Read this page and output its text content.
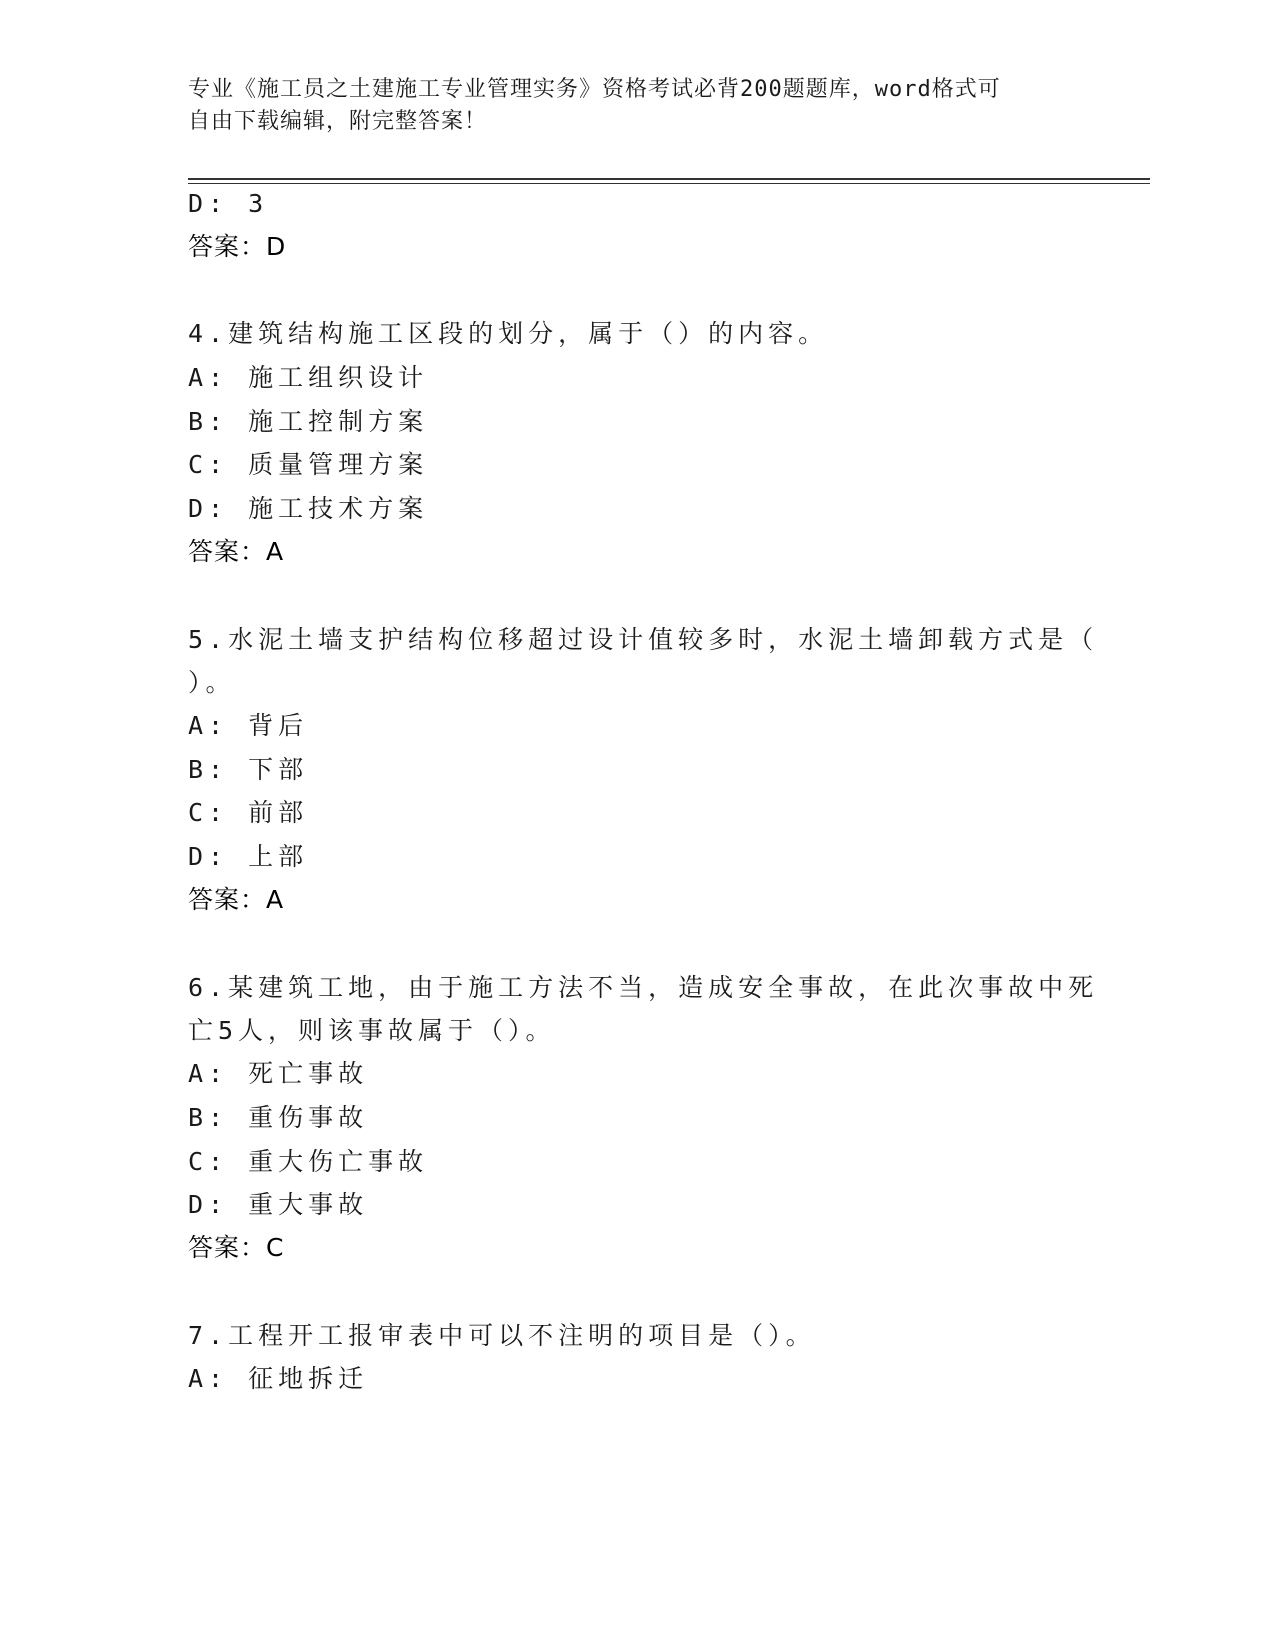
专业《施工员之土建施工专业管理实务》资格考试必背200题题库，word格式可
自由下载编辑，附完整答案！
D: 3
答案：D
4.建筑结构施工区段的划分，属于（）的内容。
A: 施工组织设计
B: 施工控制方案
C: 质量管理方案
D: 施工技术方案
答案：A
5.水泥土墙支护结构位移超过设计值较多时，水泥土墙卸载方式是（
）。
A: 背后
B: 下部
C: 前部
D: 上部
答案：A
6.某建筑工地，由于施工方法不当，造成安全事故，在此次事故中死
亡5人，则该事故属于（）。
A: 死亡事故
B: 重伤事故
C: 重大伤亡事故
D: 重大事故
答案：C
7.工程开工报审表中可以不注明的项目是（）。
A: 征地拆迁
